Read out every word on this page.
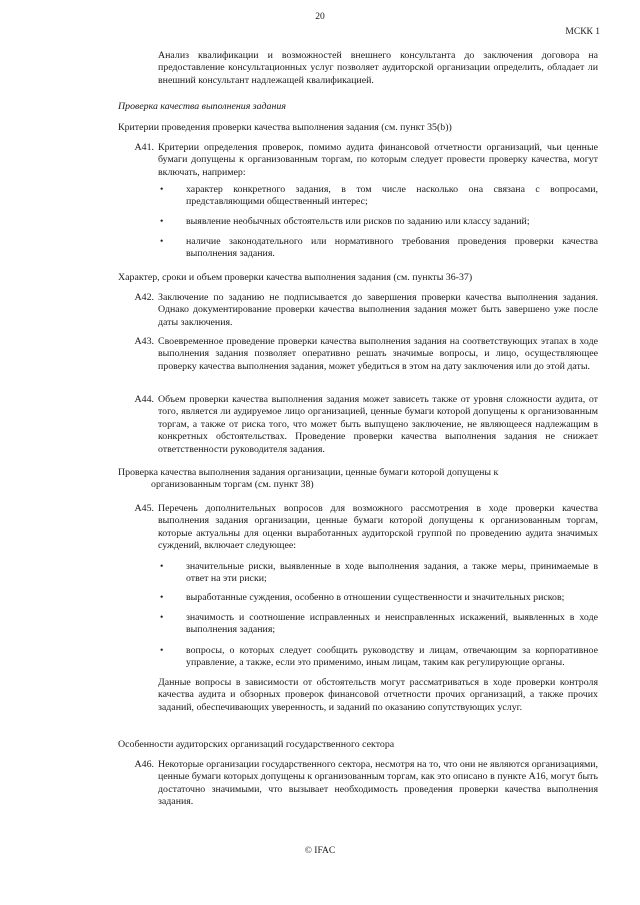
20
МСКК 1
Анализ квалификации и возможностей внешнего консультанта до заключения договора на предоставление консультационных услуг позволяет аудиторской организации определить, обладает ли внешний консультант надлежащей квалификацией.
Проверка качества выполнения задания
Критерии проведения проверки качества выполнения задания (см. пункт 35(b))
A41. Критерии определения проверок, помимо аудита финансовой отчетности организаций, чьи ценные бумаги допущены к организованным торгам, по которым следует провести проверку качества, могут включать, например:
• характер конкретного задания, в том числе насколько она связана с вопросами, представляющими общественный интерес;
• выявление необычных обстоятельств или рисков по заданию или классу заданий;
• наличие законодательного или нормативного требования проведения проверки качества выполнения задания.
Характер, сроки и объем проверки качества выполнения задания (см. пункты 36-37)
A42. Заключение по заданию не подписывается до завершения проверки качества выполнения задания. Однако документирование проверки качества выполнения задания может быть завершено уже после даты заключения.
A43. Своевременное проведение проверки качества выполнения задания на соответствующих этапах в ходе выполнения задания позволяет оперативно решать значимые вопросы, и лицо, осуществляющее проверку качества выполнения задания, может убедиться в этом на дату заключения или до этой даты.
A44. Объем проверки качества выполнения задания может зависеть также от уровня сложности аудита, от того, является ли аудируемое лицо организацией, ценные бумаги которой допущены к организованным торгам, а также от риска того, что может быть выпущено заключение, не являющееся надлежащим в конкретных обстоятельствах. Проведение проверки качества выполнения задания не снижает ответственности руководителя задания.
Проверка качества выполнения задания организации, ценные бумаги которой допущены к
организованным торгам (см. пункт 38)
A45. Перечень дополнительных вопросов для возможного рассмотрения в ходе проверки качества выполнения задания организации, ценные бумаги которой допущены к организованным торгам, которые актуальны для оценки выработанных аудиторской группой по проведению аудита значимых суждений, включает следующее:
• значительные риски, выявленные в ходе выполнения задания, а также меры, принимаемые в ответ на эти риски;
• выработанные суждения, особенно в отношении существенности и значительных рисков;
• значимость и соотношение исправленных и неисправленных искажений, выявленных в ходе выполнения задания;
• вопросы, о которых следует сообщить руководству и лицам, отвечающим за корпоративное управление, а также, если это применимо, иным лицам, таким как регулирующие органы.
Данные вопросы в зависимости от обстоятельств могут рассматриваться в ходе проверки контроля качества аудита и обзорных проверок финансовой отчетности прочих организаций, а также прочих заданий, обеспечивающих уверенность, и заданий по оказанию сопутствующих услуг.
Особенности аудиторских организаций государственного сектора
A46. Некоторые организации государственного сектора, несмотря на то, что они не являются организациями, ценные бумаги которых допущены к организованным торгам, как это описано в пункте A16, могут быть достаточно значимыми, что вызывает необходимость проведения проверки качества выполнения задания.
© IFAC
